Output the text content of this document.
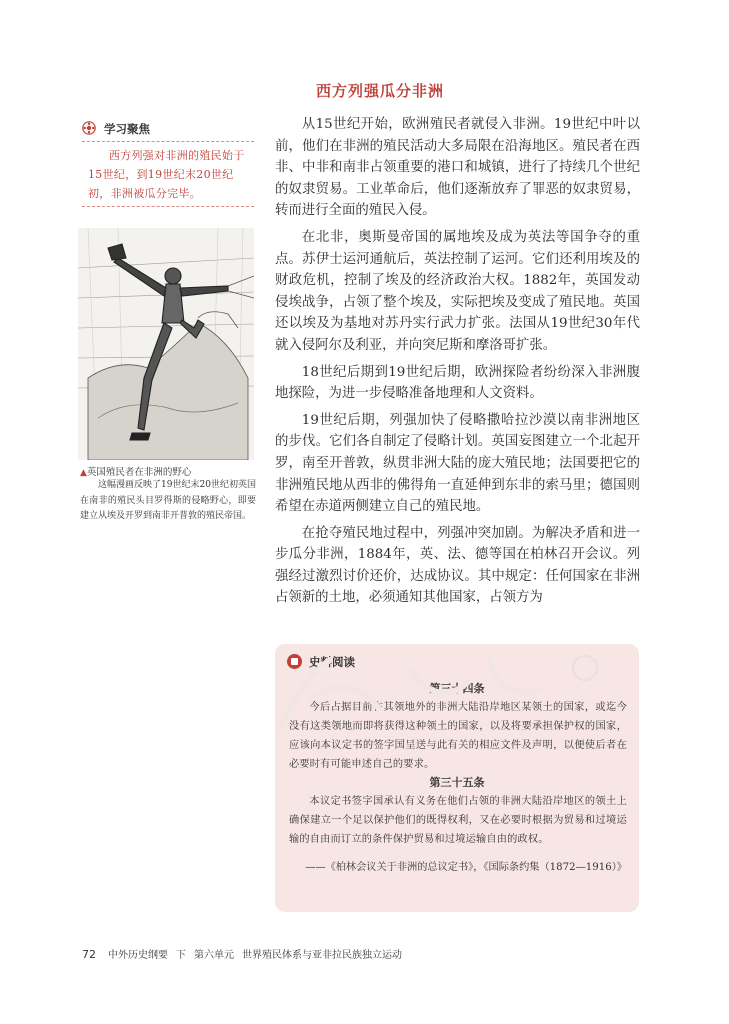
西方列强瓜分非洲
学习聚焦
西方列强对非洲的殖民始于15世纪，到19世纪末20世纪初，非洲被瓜分完毕。
▲英国殖民者在非洲的野心
这幅漫画反映了19世纪末20世纪初英国在南非的殖民头目罗得斯的侵略野心，即要建立从埃及开罗到南非开普敦的殖民帝国。

从15世纪开始，欧洲殖民者就侵入非洲。19世纪中叶以前，他们在非洲的殖民活动大多局限在沿海地区。殖民者在西非、中非和南非占领重要的港口和城镇，进行了持续几个世纪的奴隶贸易。工业革命后，他们逐渐放弃了罪恶的奴隶贸易，转而进行全面的殖民入侵。

在北非，奥斯曼帝国的属地埃及成为英法等国争夺的重点。苏伊士运河通航后，英法控制了运河。它们还利用埃及的财政危机，控制了埃及的经济政治大权。1882年，英国发动侵埃战争，占领了整个埃及，实际把埃及变成了殖民地。英国还以埃及为基地对苏丹实行武力扩张。法国从19世纪30年代就入侵阿尔及利亚，并向突尼斯和摩洛哥扩张。

18世纪后期到19世纪后期，欧洲探险者纷纷深入非洲腹地探险，为进一步侵略准备地理和人文资料。

19世纪后期，列强加快了侵略撒哈拉沙漠以南非洲地区的步伐。它们各自制定了侵略计划。英国妄图建立一个北起开罗，南至开普敦，纵贯非洲大陆的庞大殖民地；法国要把它的非洲殖民地从西非的佛得角一直延伸到东非的索马里；德国则希望在赤道两侧建立自己的殖民地。

在抢夺殖民地过程中，列强冲突加剧。为解决矛盾和进一步瓜分非洲，1884年，英、法、德等国在柏林召开会议。列强经过激烈讨价还价，达成协议。其中规定：任何国家在非洲占领新的土地，必须通知其他国家，占领方为

史料阅读
第三十四条
今后占据目前在其领地外的非洲大陆沿岸地区某领土的国家，或迄今没有这类领地而即将获得这种领土的国家，以及将要承担保护权的国家，应该向本议定书的签字国呈送与此有关的相应文件及声明，以便使后者在必要时有可能申述自己的要求。
第三十五条
本议定书签字国承认有义务在他们占领的非洲大陆沿岸地区的领土上确保建立一个足以保护他们的既得权利，又在必要时根据为贸易和过境运输的自由而订立的条件保护贸易和过境运输自由的政权。
——《柏林会议关于非洲的总议定书》，《国际条约集（1872—1916）》
72 中外历史纲要 下 第六单元 世界殖民体系与亚非拉民族独立运动
